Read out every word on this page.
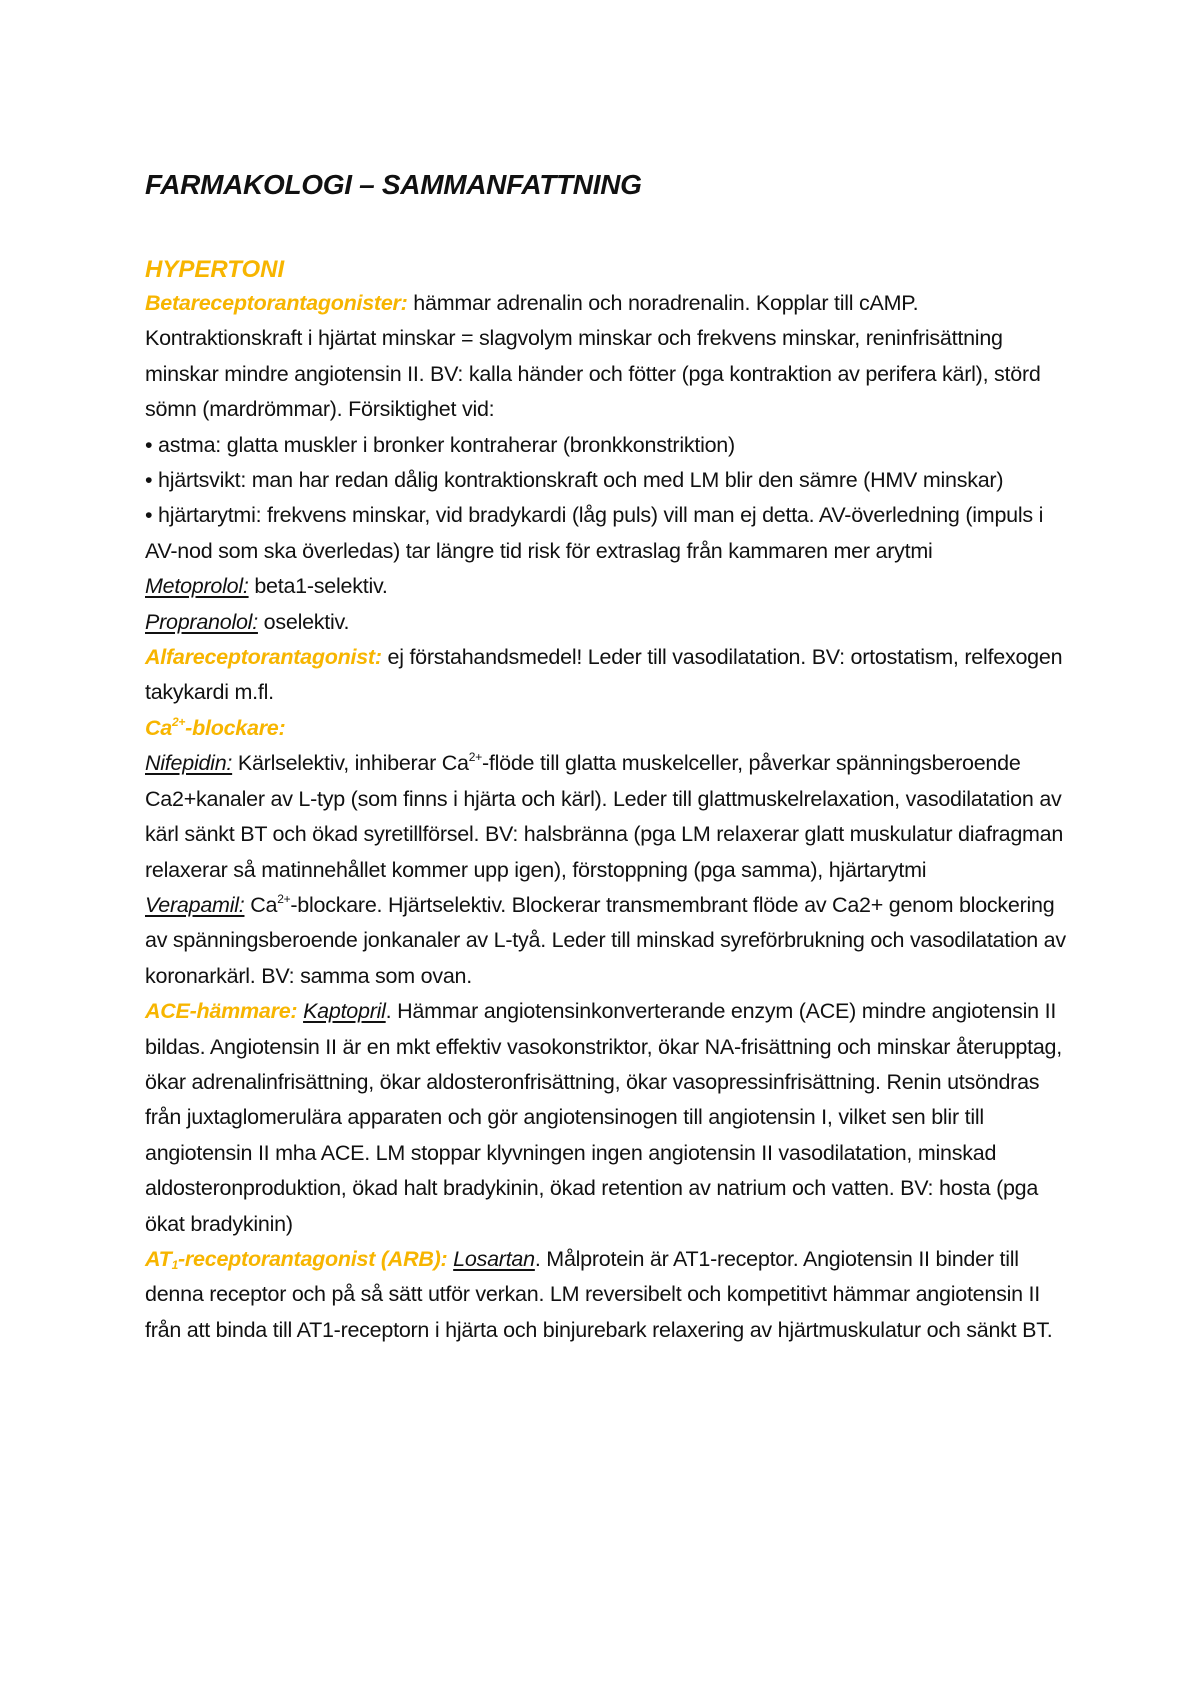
FARMAKOLOGI – SAMMANFATTNING
HYPERTONI

Betareceptorantagonister: hämmar adrenalin och noradrenalin. Kopplar till cAMP. Kontraktionskraft i hjärtat minskar = slagvolym minskar och frekvens minskar, reninfrisättning minskar mindre angiotensin II. BV: kalla händer och fötter (pga kontraktion av perifera kärl), störd sömn (mardrömmar). Försiktighet vid:

• astma: glatta muskler i bronker kontraherar (bronkkonstriktion)

• hjärtsvikt: man har redan dålig kontraktionskraft och med LM blir den sämre (HMV minskar)

• hjärtarytmi: frekvens minskar, vid bradykardi (låg puls) vill man ej detta. AV-överledning (impuls i AV-nod som ska överledas) tar längre tid risk för extraslag från kammaren mer arytmi

Metoprolol: beta1-selektiv.

Propranolol: oselektiv.

Alfareceptorantagonist: ej förstahandsmedel! Leder till vasodilatation. BV: ortostatism, relfexogen takykardi m.fl.

$Ca^{2+}$-blockare:

Nifepidin: Kärlselektiv, inhiberar $Ca^{2+}$-flöde till glatta muskelceller, påverkar spänningsberoende Ca2+kanaler av L-typ (som finns i hjärta och kärl). Leder till glattmuskelrelaxation, vasodilatation av kärl sänkt BT och ökad syretillförsel. BV: halsbränna (pga LM relaxerar glatt muskulatur diafragman relaxerar så matinnehållet kommer upp igen), förstoppning (pga samma), hjärtarytmi

Verapamil: $Ca^{2+}$-blockare. Hjärtselektiv. Blockerar transmembrant flöde av Ca2+ genom blockering av spänningsberoende jonkanaler av L-tyå. Leder till minskad syreförbrukning och vasodilatation av koronarkärl. BV: samma som ovan.

ACE-hämmare: Kaptopril. Hämmar angiotensinkonverterande enzym (ACE) mindre angiotensin II bildas. Angiotensin II är en mkt effektiv vasokonstriktor, ökar NA-frisättning och minskar återupptag, ökar adrenalinfrisättning, ökar aldosteronfrisättning, ökar vasopressinfrisättning. Renin utsöndras från juxtaglomerulära apparaten och gör angiotensinogen till angiotensin I, vilket sen blir till angiotensin II mha ACE. LM stoppar klyvningen ingen angiotensin II vasodilatation, minskad aldosteronproduktion, ökad halt bradykinin, ökad retention av natrium och vatten. BV: hosta (pga ökat bradykinin)

$AT_1$-receptorantagonist (ARB): Losartan. Målprotein är AT1-receptor. Angiotensin II binder till denna receptor och på så sätt utför verkan. LM reversibelt och kompetitivt hämmar angiotensin II från att binda till AT1-receptorn i hjärta och binjurebark relaxering av hjärtmuskulatur och sänkt BT.
